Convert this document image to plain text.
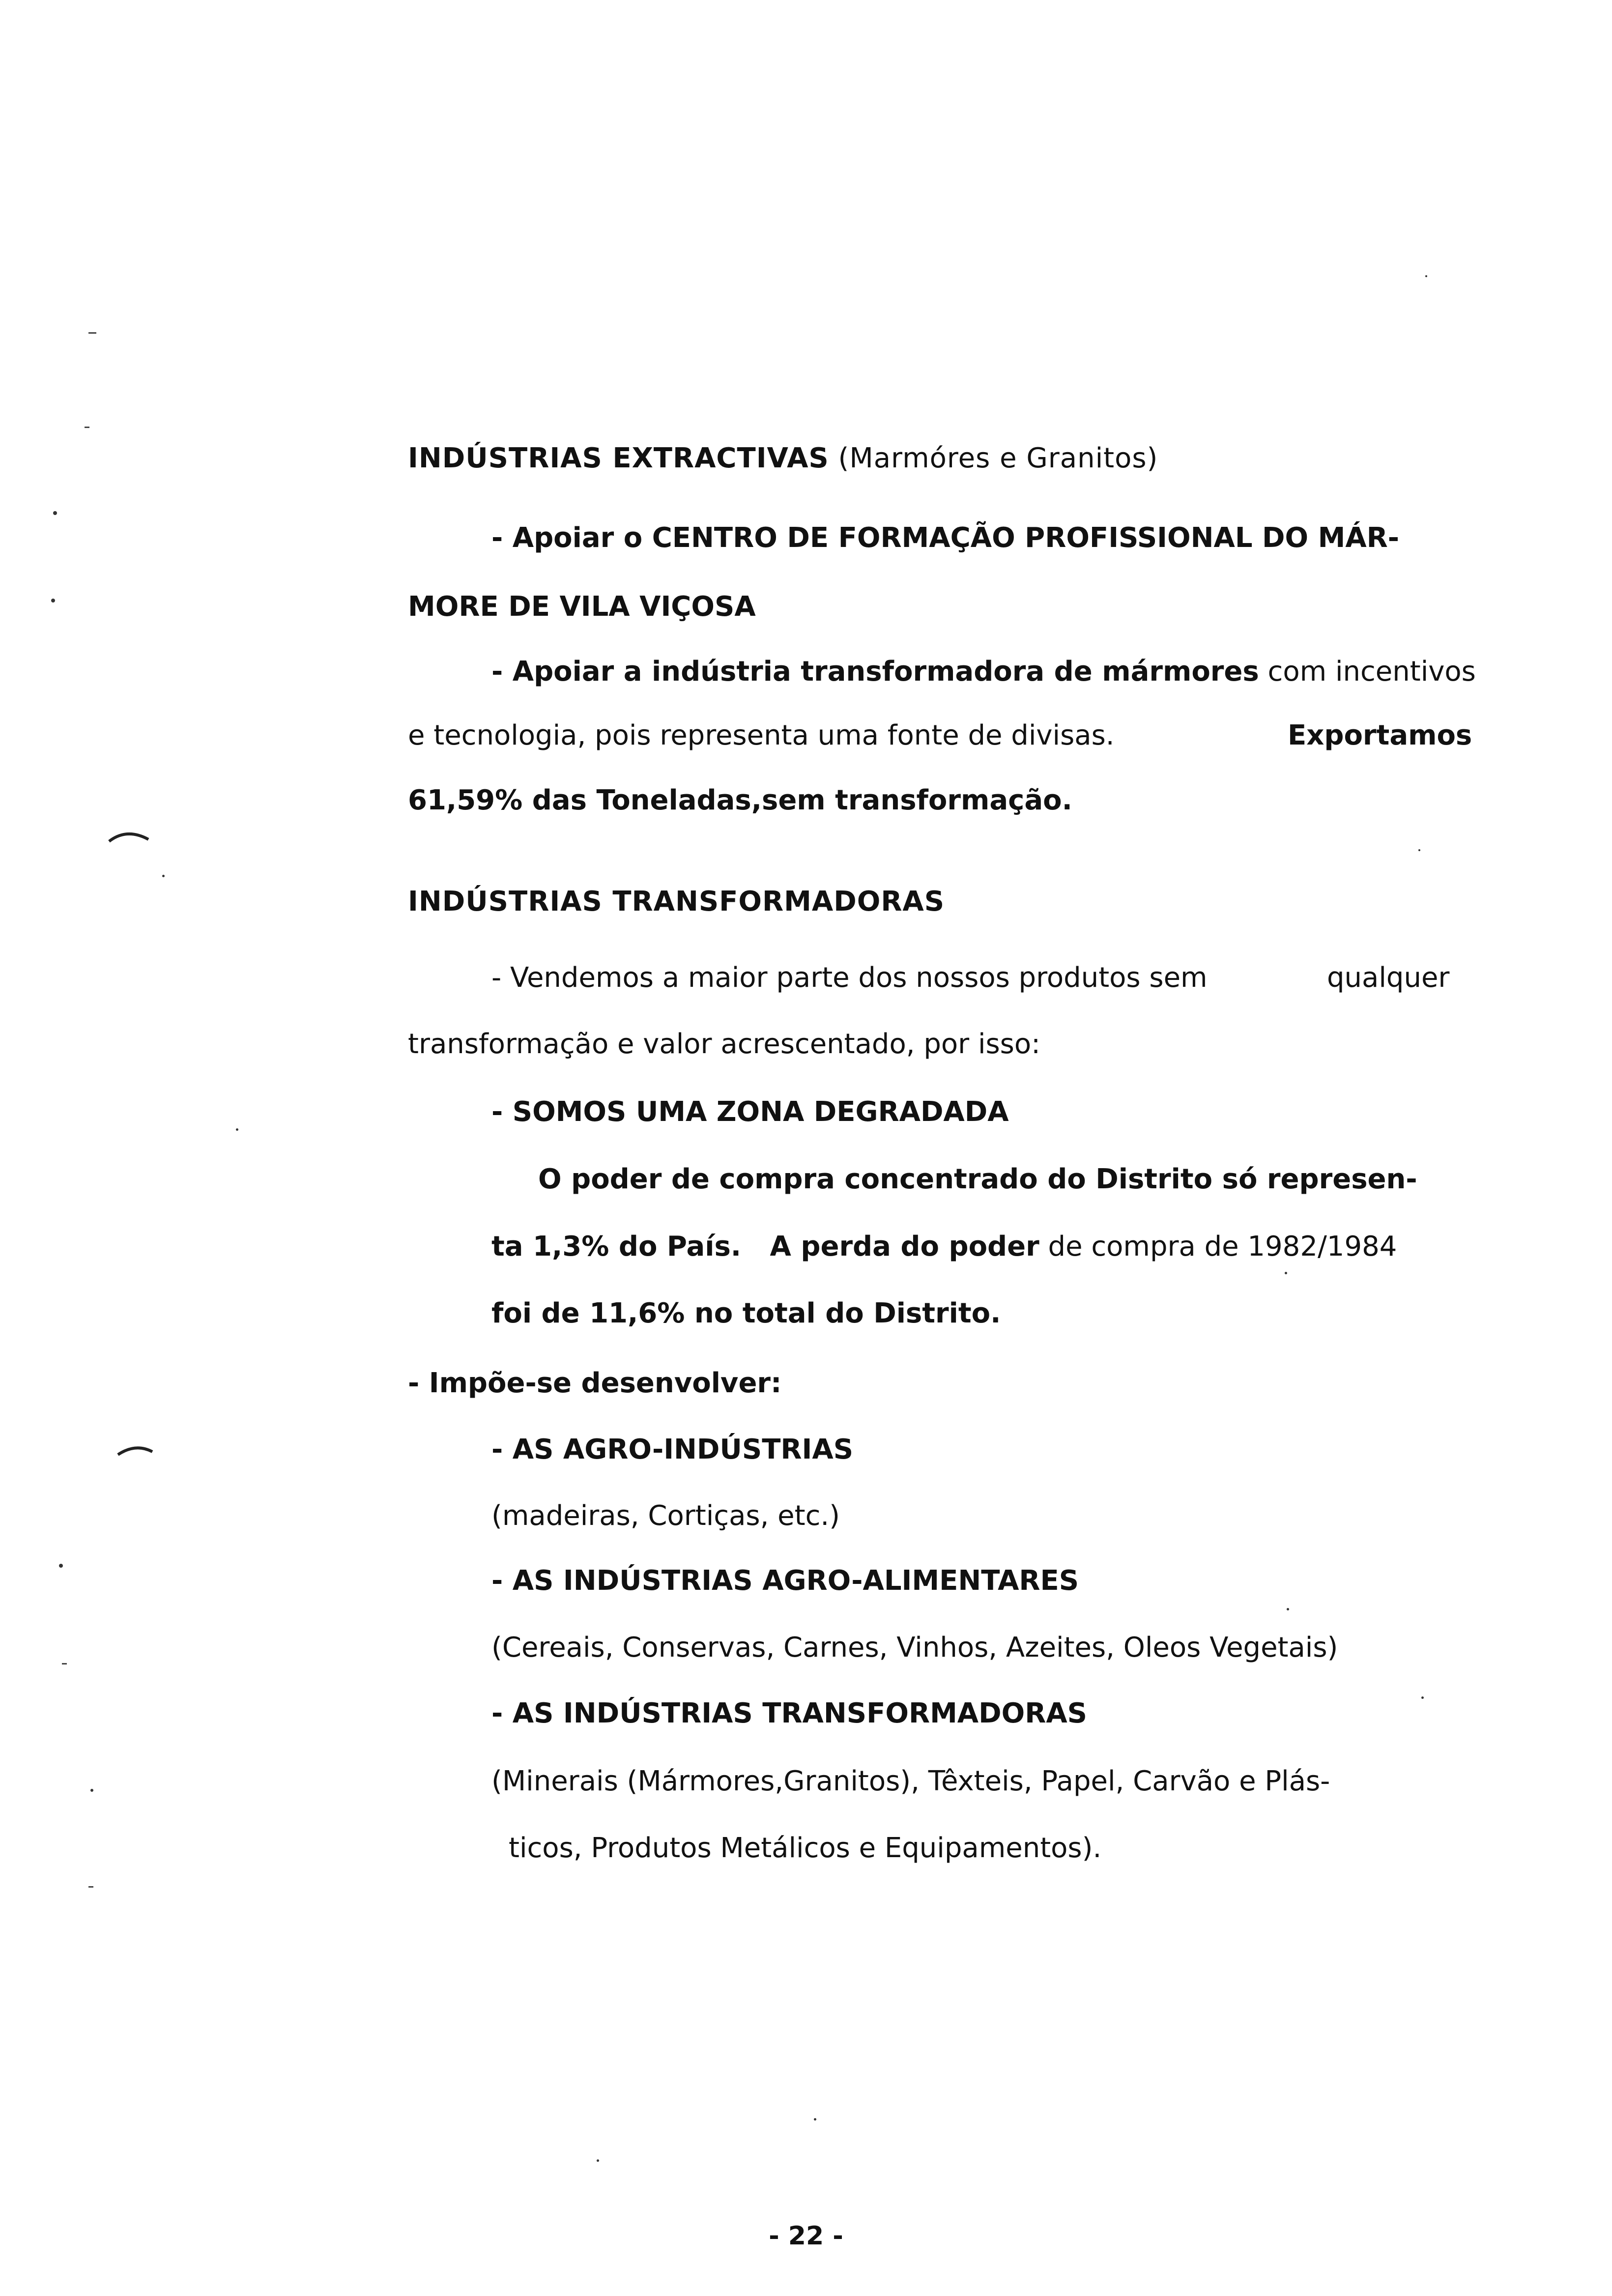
INDÚSTRIAS EXTRACTIVAS (Marmóres e Granitos)
- Apoiar o CENTRO DE FORMAÇÃO PROFISSIONAL DO MÁR-
MORE DE VILA VIÇOSA
- Apoiar a indústria transformadora de mármores com incentivos
e tecnologia, pois representa uma fonte de divisas.	Exportamos
61,59% das Toneladas,sem transformação.
INDÚSTRIAS TRANSFORMADORAS
- Vendemos a maior parte dos nossos produtos sem	qualquer
transformação e valor acrescentado, por isso:
- SOMOS UMA ZONA DEGRADADA
O poder de compra concentrado do Distrito só represen-
ta 1,3% do País.   A perda do poder de compra de 1982/1984
foi de 11,6% no total do Distrito.
- Impõe-se desenvolver:
- AS AGRO-INDÚSTRIAS
(madeiras, Cortiças, etc.)
- AS INDÚSTRIAS AGRO-ALIMENTARES
(Cereais, Conservas, Carnes, Vinhos, Azeites, Oleos Vegetais)
- AS INDÚSTRIAS TRANSFORMADORAS
(Minerais (Mármores,Granitos), Têxteis, Papel, Carvão e Plás-
ticos, Produtos Metálicos e Equipamentos).
- 22 -
